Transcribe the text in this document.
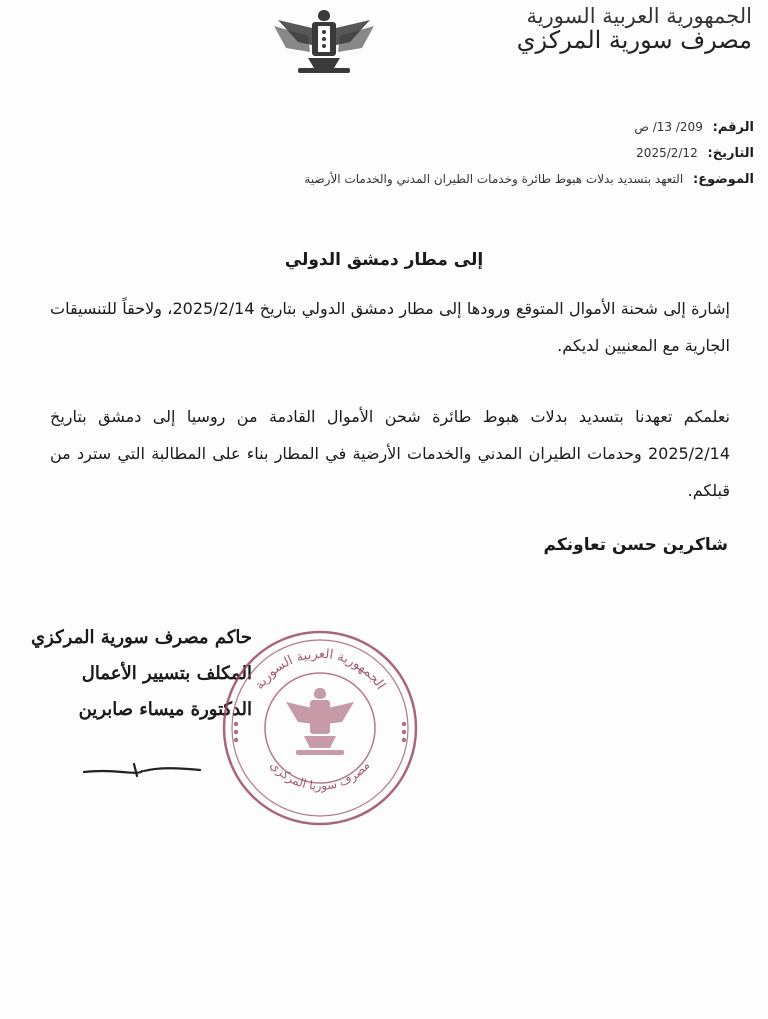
الجمهورية العربية السورية
مصرف سورية المركزي
الرقم: 209/ 13/ ص
التاريخ: 2025/2/12
الموضوع: التعهد بتسديد بدلات هبوط طائرة وخدمات الطيران المدني والخدمات الأرضية
إلى مطار دمشق الدولي
إشارة إلى شحنة الأموال المتوقع ورودها إلى مطار دمشق الدولي بتاريخ 2025/2/14، ولاحقاً للتنسيقات الجارية مع المعنيين لديكم.
نعلمكم تعهدنا بتسديد بدلات هبوط طائرة شحن الأموال القادمة من روسيا إلى دمشق بتاريخ 2025/2/14 وحدمات الطيران المدني والخدمات الأرضية في المطار بناء على المطالبة التي سترد من قبلكم.
شاكرين حسن تعاونكم
حاكم مصرف سورية المركزي
المكلف بتسيير الأعمال
الدكتورة ميساء صابرين
الجمهورية العربية السورية
مصرف سوريا المركزي
